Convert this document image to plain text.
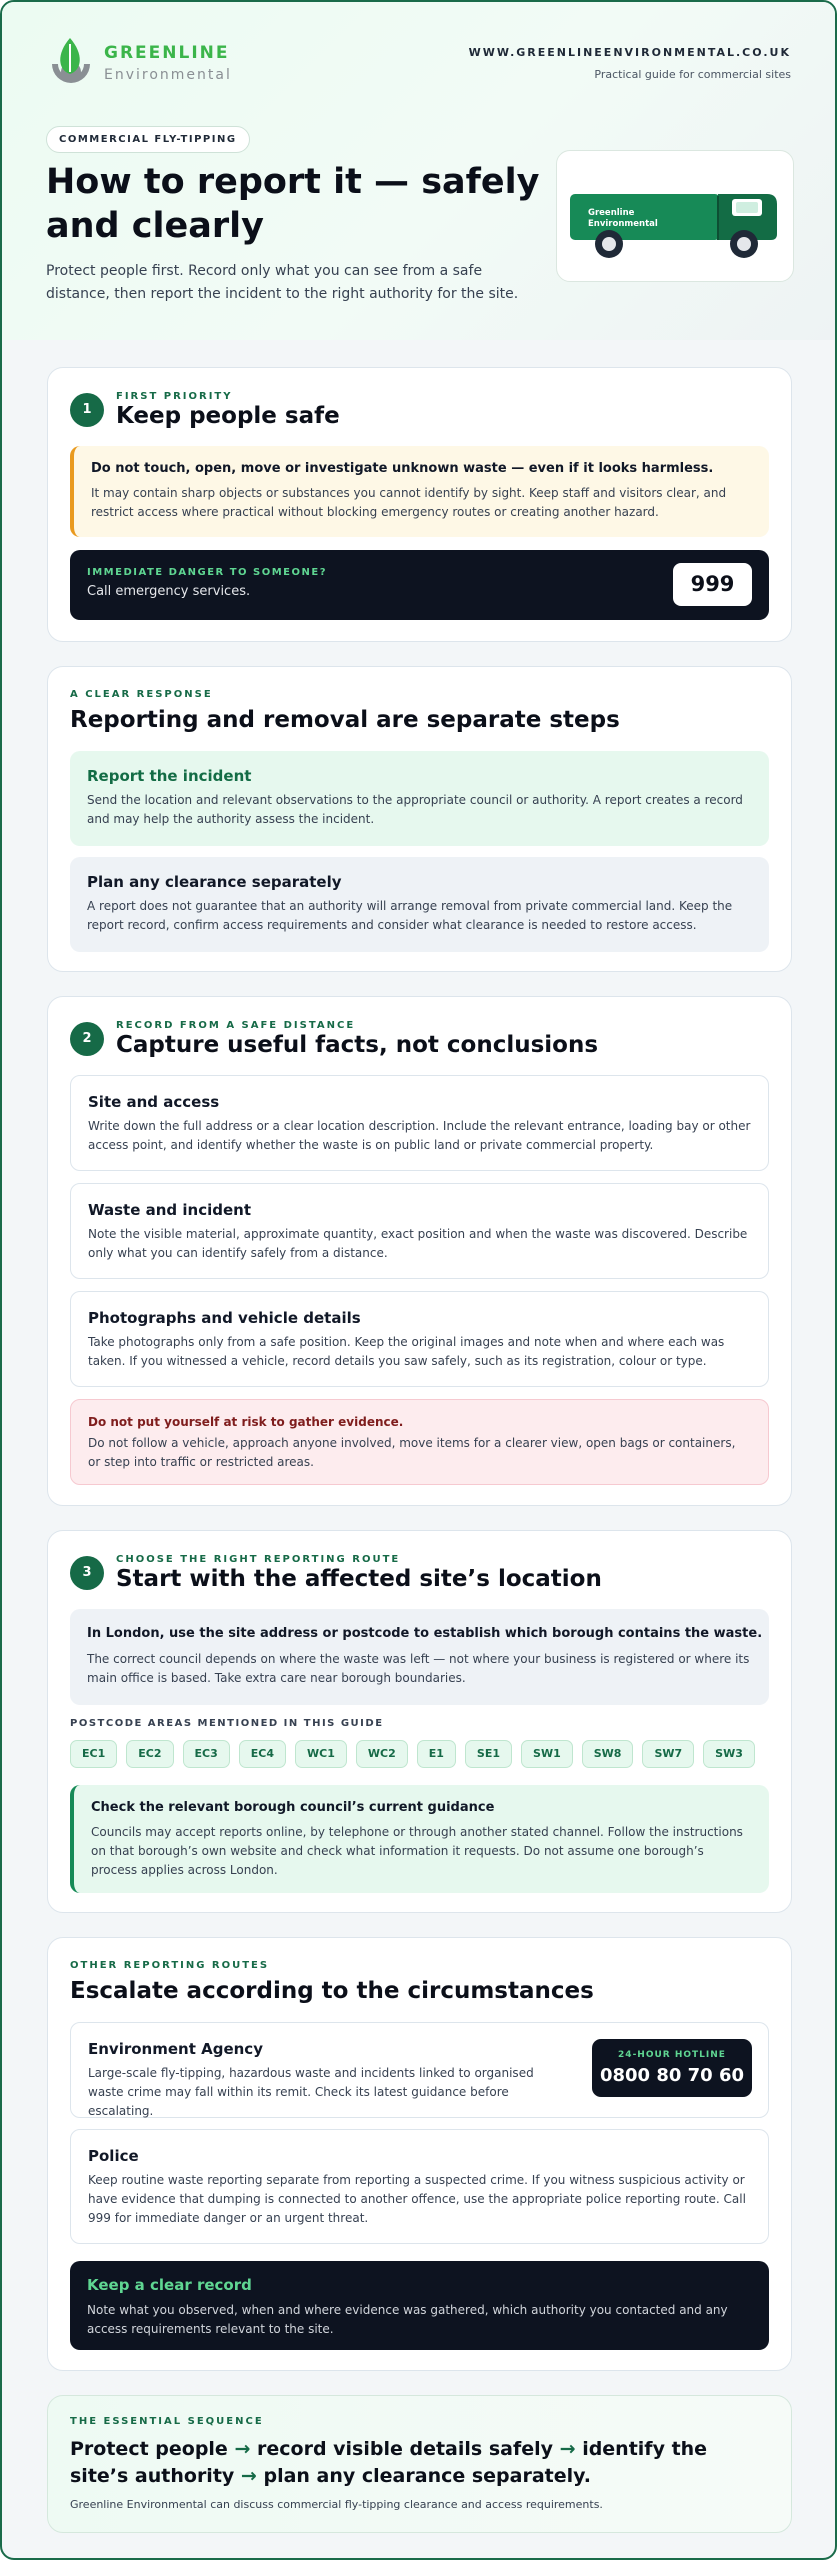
GREENLINE
Environmental
WWW.GREENLINEENVIRONMENTAL.CO.UK
Practical guide for commercial sites
COMMERCIAL FLY-TIPPING
How to report it — safely and clearly

Protect people first. Record only what you can see from a safe distance, then report the incident to the right authority for the site.

Greenline
Environmental
1
FIRST PRIORITY
Keep people safe
Do not touch, open, move or investigate unknown waste — even if it looks harmless.
It may contain sharp objects or substances you cannot identify by sight. Keep staff and visitors clear, and restrict access where practical without blocking emergency routes or creating another hazard.
IMMEDIATE DANGER TO SOMEONE?
Call emergency services.	999
A CLEAR RESPONSE
Reporting and removal are separate steps
Report the incident
Send the location and relevant observations to the appropriate council or authority. A report creates a record and may help the authority assess the incident.
Plan any clearance separately
A report does not guarantee that an authority will arrange removal from private commercial land. Keep the report record, confirm access requirements and consider what clearance is needed to restore access.
2
RECORD FROM A SAFE DISTANCE
Capture useful facts, not conclusions
Site and access
Write down the full address or a clear location description. Include the relevant entrance, loading bay or other access point, and identify whether the waste is on public land or private commercial property.
Waste and incident
Note the visible material, approximate quantity, exact position and when the waste was discovered. Describe only what you can identify safely from a distance.
Photographs and vehicle details
Take photographs only from a safe position. Keep the original images and note when and where each was taken. If you witnessed a vehicle, record details you saw safely, such as its registration, colour or type.
Do not put yourself at risk to gather evidence.
Do not follow a vehicle, approach anyone involved, move items for a clearer view, open bags or containers, or step into traffic or restricted areas.
3
CHOOSE THE RIGHT REPORTING ROUTE
Start with the affected site’s location
In London, use the site address or postcode to establish which borough contains the waste.
The correct council depends on where the waste was left — not where your business is registered or where its main office is based. Take extra care near borough boundaries.
POSTCODE AREAS MENTIONED IN THIS GUIDE
EC1	EC2	EC3	EC4	WC1	WC2	E1	SE1	SW1	SW8	SW7	SW3
Check the relevant borough council’s current guidance
Councils may accept reports online, by telephone or through another stated channel. Follow the instructions on that borough’s own website and check what information it requests. Do not assume one borough’s process applies across London.
OTHER REPORTING ROUTES
Escalate according to the circumstances
Environment Agency
Large-scale fly-tipping, hazardous waste and incidents linked to organised waste crime may fall within its remit. Check its latest guidance before escalating.
24-HOUR HOTLINE
0800 80 70 60
Police
Keep routine waste reporting separate from reporting a suspected crime. If you witness suspicious activity or have evidence that dumping is connected to another offence, use the appropriate police reporting route. Call 999 for immediate danger or an urgent threat.
Keep a clear record
Note what you observed, when and where evidence was gathered, which authority you contacted and any access requirements relevant to the site.
THE ESSENTIAL SEQUENCE
Protect people → record visible details safely → identify the site’s authority → plan any clearance separately.
Greenline Environmental can discuss commercial fly-tipping clearance and access requirements.
